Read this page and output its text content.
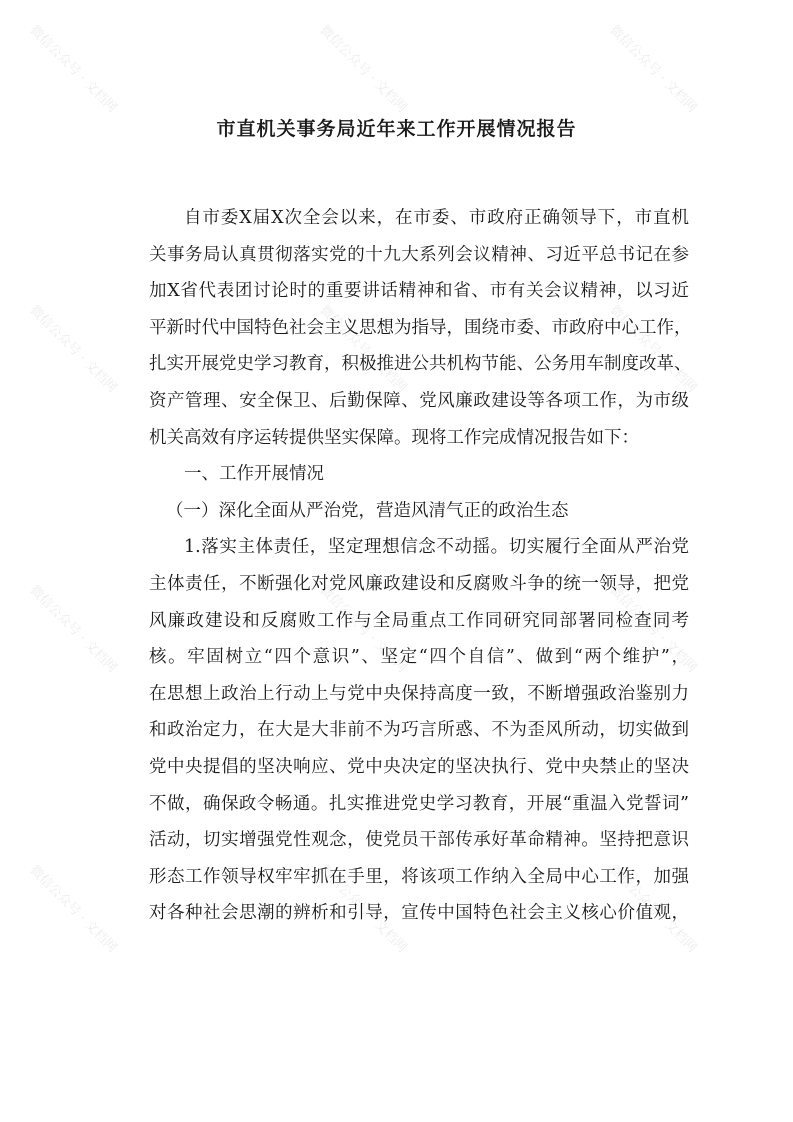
微信公众号 · 文档网	微信公众号 · 文档网	微信公众号 · 文档网
微信公众号 · 文档网	微信公众号 · 文档网	微信公众号 · 文档网
微信公众号 · 文档网	微信公众号 · 文档网	微信公众号 · 文档网
微信公众号 · 文档网	微信公众号 · 文档网	微信公众号 · 文档网
市直机关事务局近年来工作开展情况报告
自市委X届X次全会以来，在市委、市政府正确领导下，市直机
关事务局认真贯彻落实党的十九大系列会议精神、习近平总书记在参
加X省代表团讨论时的重要讲话精神和省、市有关会议精神，以习近
平新时代中国特色社会主义思想为指导，围绕市委、市政府中心工作，
扎实开展党史学习教育，积极推进公共机构节能、公务用车制度改革、
资产管理、安全保卫、后勤保障、党风廉政建设等各项工作，为市级
机关高效有序运转提供坚实保障。现将工作完成情况报告如下：
一、工作开展情况
（一）深化全面从严治党，营造风清气正的政治生态
1.落实主体责任，坚定理想信念不动摇。切实履行全面从严治党
主体责任，不断强化对党风廉政建设和反腐败斗争的统一领导，把党
风廉政建设和反腐败工作与全局重点工作同研究同部署同检查同考
核。牢固树立“四个意识”、坚定“四个自信”、做到“两个维护”，
在思想上政治上行动上与党中央保持高度一致，不断增强政治鉴别力
和政治定力，在大是大非前不为巧言所惑、不为歪风所动，切实做到
党中央提倡的坚决响应、党中央决定的坚决执行、党中央禁止的坚决
不做，确保政令畅通。扎实推进党史学习教育，开展“重温入党誓词”
活动，切实增强党性观念，使党员干部传承好革命精神。坚持把意识
形态工作领导权牢牢抓在手里，将该项工作纳入全局中心工作，加强
对各种社会思潮的辨析和引导，宣传中国特色社会主义核心价值观，
